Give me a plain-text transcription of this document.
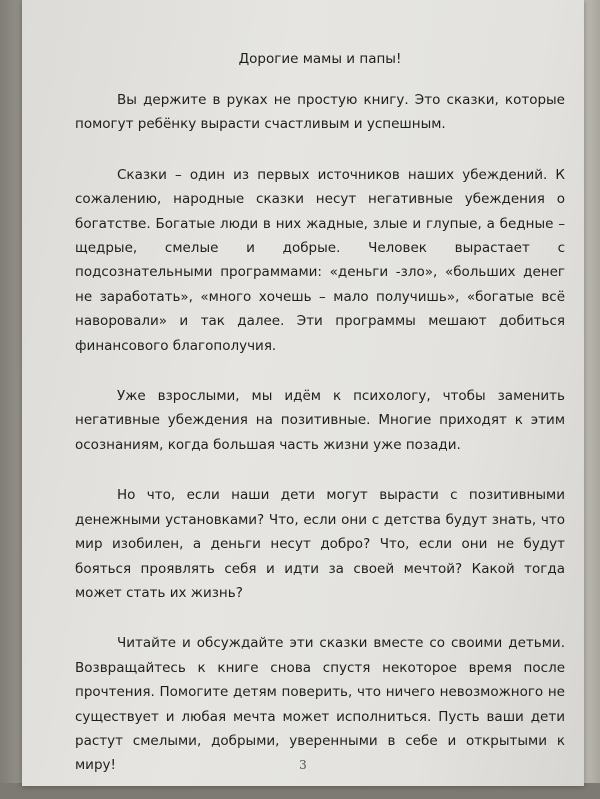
Дорогие мамы и папы!

Вы держите в руках не простую книгу. Это сказки, которые помогут ребёнку вырасти счастливым и успешным.

Сказки – один из первых источников наших убеждений. К сожалению, народные сказки несут негативные убеждения о богатстве. Богатые люди в них жадные, злые и глупые, а бедные – щедрые, смелые и добрые. Человек вырастает с подсознательными программами: «деньги -зло», «больших денег не заработать», «много хочешь – мало получишь», «богатые всё наворовали» и так далее. Эти программы мешают добиться финансового благополучия.

Уже взрослыми, мы идём к психологу, чтобы заменить негативные убеждения на позитивные. Многие приходят к этим осознаниям, когда большая часть жизни уже позади.

Но что, если наши дети могут вырасти с позитивными денежными установками? Что, если они с детства будут знать, что мир изобилен, а деньги несут добро? Что, если они не будут бояться проявлять себя и идти за своей мечтой? Какой тогда может стать их жизнь?

Читайте и обсуждайте эти сказки вместе со своими детьми. Возвращайтесь к книге снова спустя некоторое время после прочтения. Помогите детям поверить, что ничего невозможного не существует и любая мечта может исполниться. Пусть ваши дети растут смелыми, добрыми, уверенными в себе и открытыми к миру!	3
